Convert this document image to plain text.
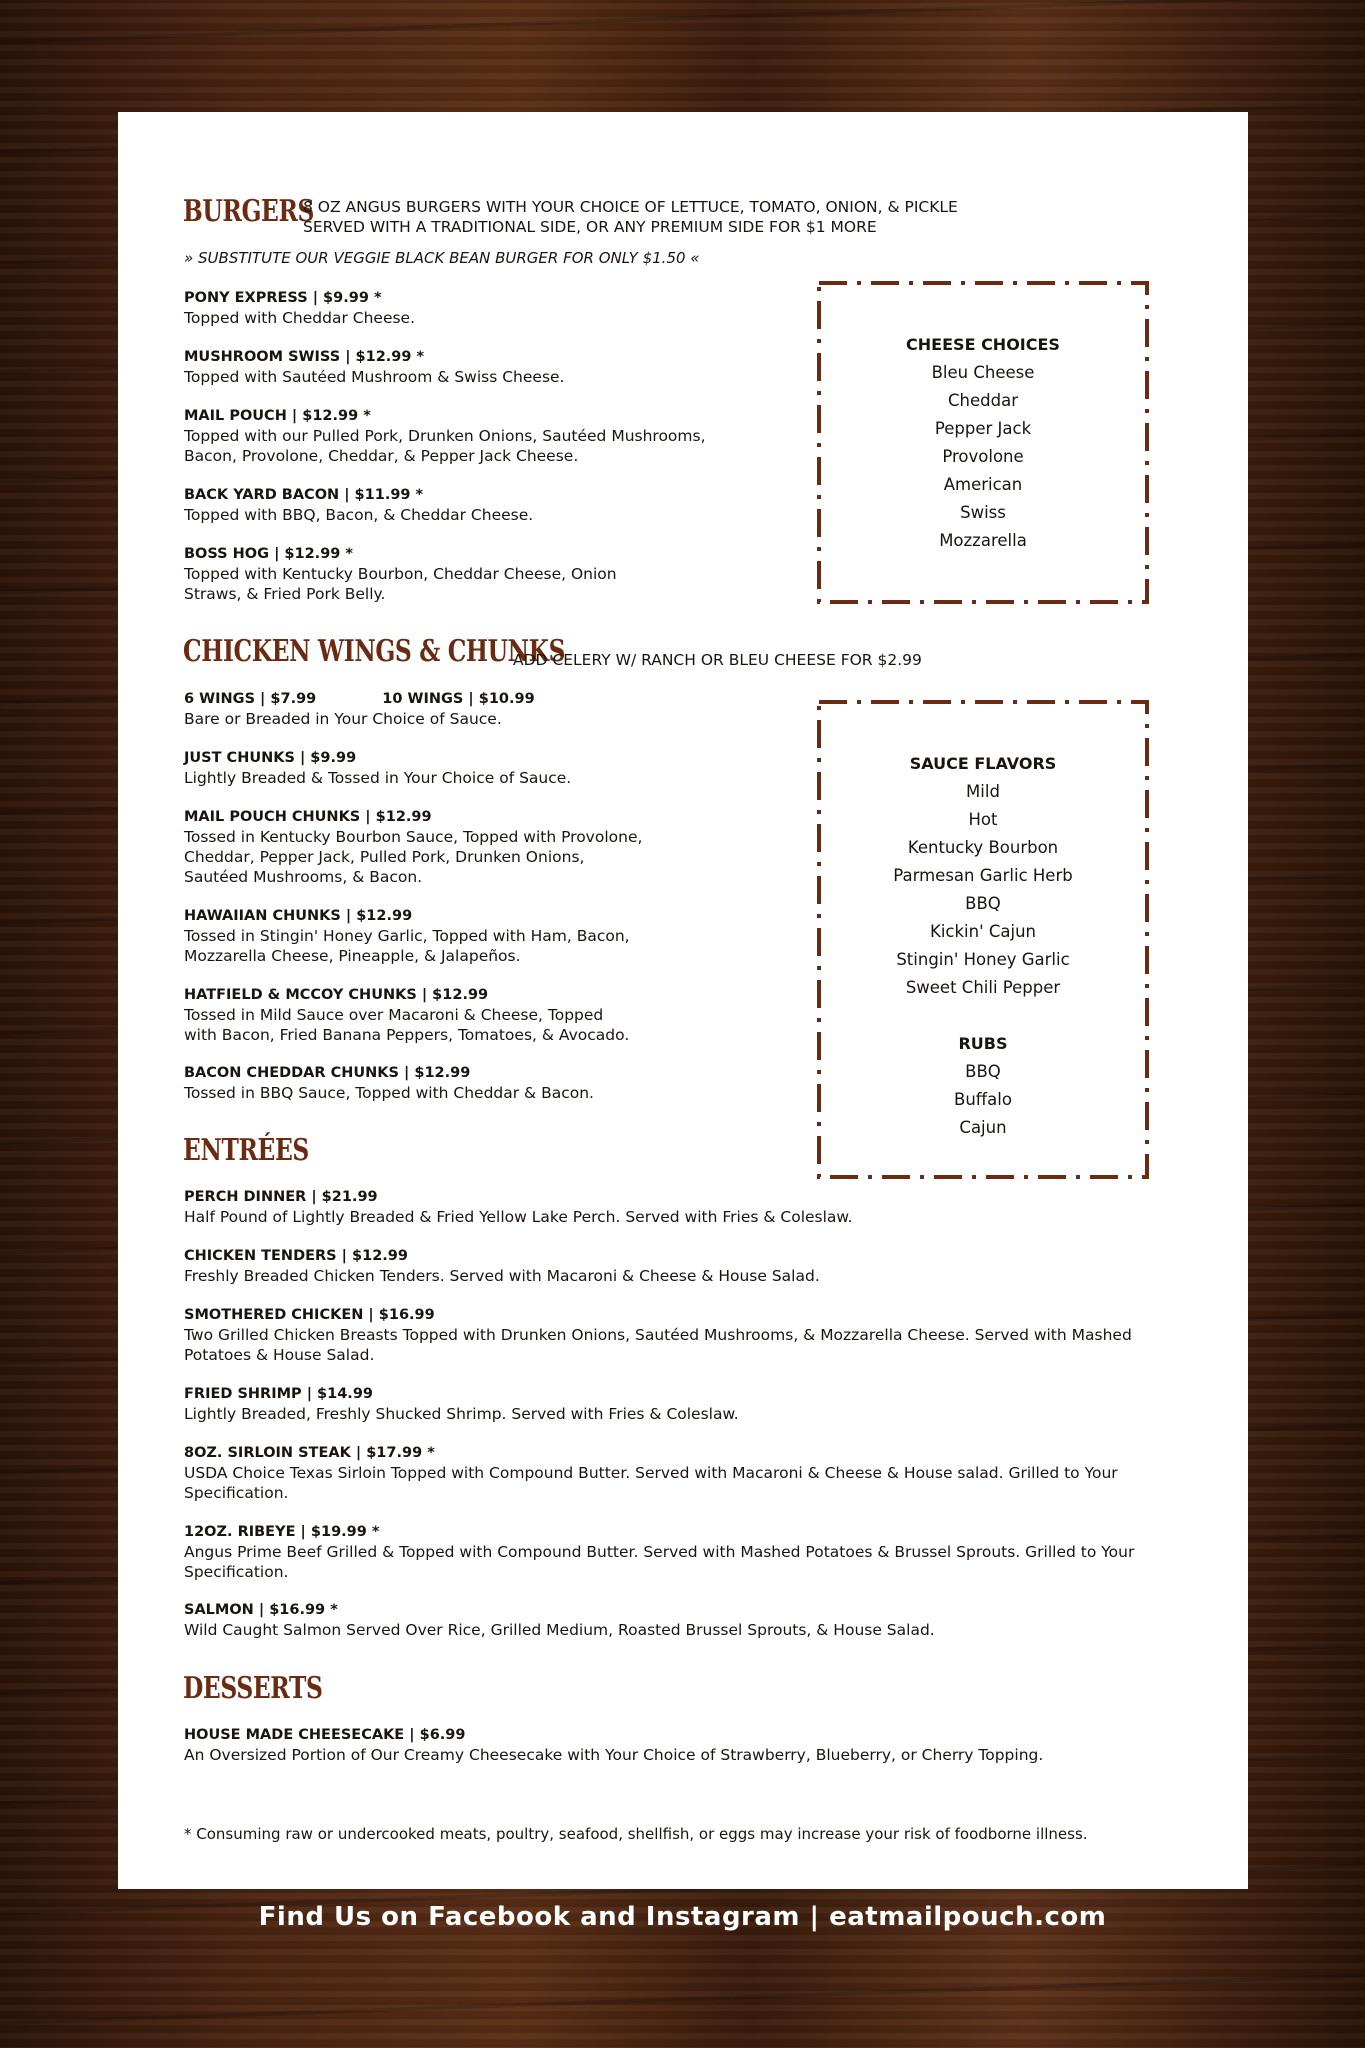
BURGERS
8 OZ ANGUS BURGERS WITH YOUR CHOICE OF LETTUCE, TOMATO, ONION, & PICKLE
SERVED WITH A TRADITIONAL SIDE, OR ANY PREMIUM SIDE FOR $1 MORE
» SUBSTITUTE OUR VEGGIE BLACK BEAN BURGER FOR ONLY $1.50 «
PONY EXPRESS | $9.99 *
Topped with Cheddar Cheese.
MUSHROOM SWISS | $12.99 *
Topped with Sautéed Mushroom & Swiss Cheese.
MAIL POUCH | $12.99 *
Topped with our Pulled Pork, Drunken Onions, Sautéed Mushrooms,
Bacon, Provolone, Cheddar, & Pepper Jack Cheese.
BACK YARD BACON | $11.99 *
Topped with BBQ, Bacon, & Cheddar Cheese.
BOSS HOG | $12.99 *
Topped with Kentucky Bourbon, Cheddar Cheese, Onion
Straws, & Fried Pork Belly.
CHEESE CHOICES
Bleu Cheese
Cheddar
Pepper Jack
Provolone
American
Swiss
Mozzarella
CHICKEN WINGS & CHUNKS
ADD CELERY W/ RANCH OR BLEU CHEESE FOR $2.99
6 WINGS | $7.99	10 WINGS | $10.99
Bare or Breaded in Your Choice of Sauce.
JUST CHUNKS | $9.99
Lightly Breaded & Tossed in Your Choice of Sauce.
MAIL POUCH CHUNKS | $12.99
Tossed in Kentucky Bourbon Sauce, Topped with Provolone,
Cheddar, Pepper Jack, Pulled Pork, Drunken Onions,
Sautéed Mushrooms, & Bacon.
HAWAIIAN CHUNKS | $12.99
Tossed in Stingin' Honey Garlic, Topped with Ham, Bacon,
Mozzarella Cheese, Pineapple, & Jalapeños.
HATFIELD & MCCOY CHUNKS | $12.99
Tossed in Mild Sauce over Macaroni & Cheese, Topped
with Bacon, Fried Banana Peppers, Tomatoes, & Avocado.
BACON CHEDDAR CHUNKS | $12.99
Tossed in BBQ Sauce, Topped with Cheddar & Bacon.
SAUCE FLAVORS
Mild
Hot
Kentucky Bourbon
Parmesan Garlic Herb
BBQ
Kickin' Cajun
Stingin' Honey Garlic
Sweet Chili Pepper
RUBS
BBQ
Buffalo
Cajun
ENTRÉES
PERCH DINNER | $21.99
Half Pound of Lightly Breaded & Fried Yellow Lake Perch. Served with Fries & Coleslaw.
CHICKEN TENDERS | $12.99
Freshly Breaded Chicken Tenders. Served with Macaroni & Cheese & House Salad.
SMOTHERED CHICKEN | $16.99
Two Grilled Chicken Breasts Topped with Drunken Onions, Sautéed Mushrooms, & Mozzarella Cheese. Served with Mashed
Potatoes & House Salad.
FRIED SHRIMP | $14.99
Lightly Breaded, Freshly Shucked Shrimp. Served with Fries & Coleslaw.
8OZ. SIRLOIN STEAK | $17.99 *
USDA Choice Texas Sirloin Topped with Compound Butter. Served with Macaroni & Cheese & House salad. Grilled to Your
Specification.
12OZ. RIBEYE | $19.99 *
Angus Prime Beef Grilled & Topped with Compound Butter. Served with Mashed Potatoes & Brussel Sprouts. Grilled to Your
Specification.
SALMON | $16.99 *
Wild Caught Salmon Served Over Rice, Grilled Medium, Roasted Brussel Sprouts, & House Salad.
DESSERTS
HOUSE MADE CHEESECAKE | $6.99
An Oversized Portion of Our Creamy Cheesecake with Your Choice of Strawberry, Blueberry, or Cherry Topping.
* Consuming raw or undercooked meats, poultry, seafood, shellfish, or eggs may increase your risk of foodborne illness.
Find Us on Facebook and Instagram | eatmailpouch.com
